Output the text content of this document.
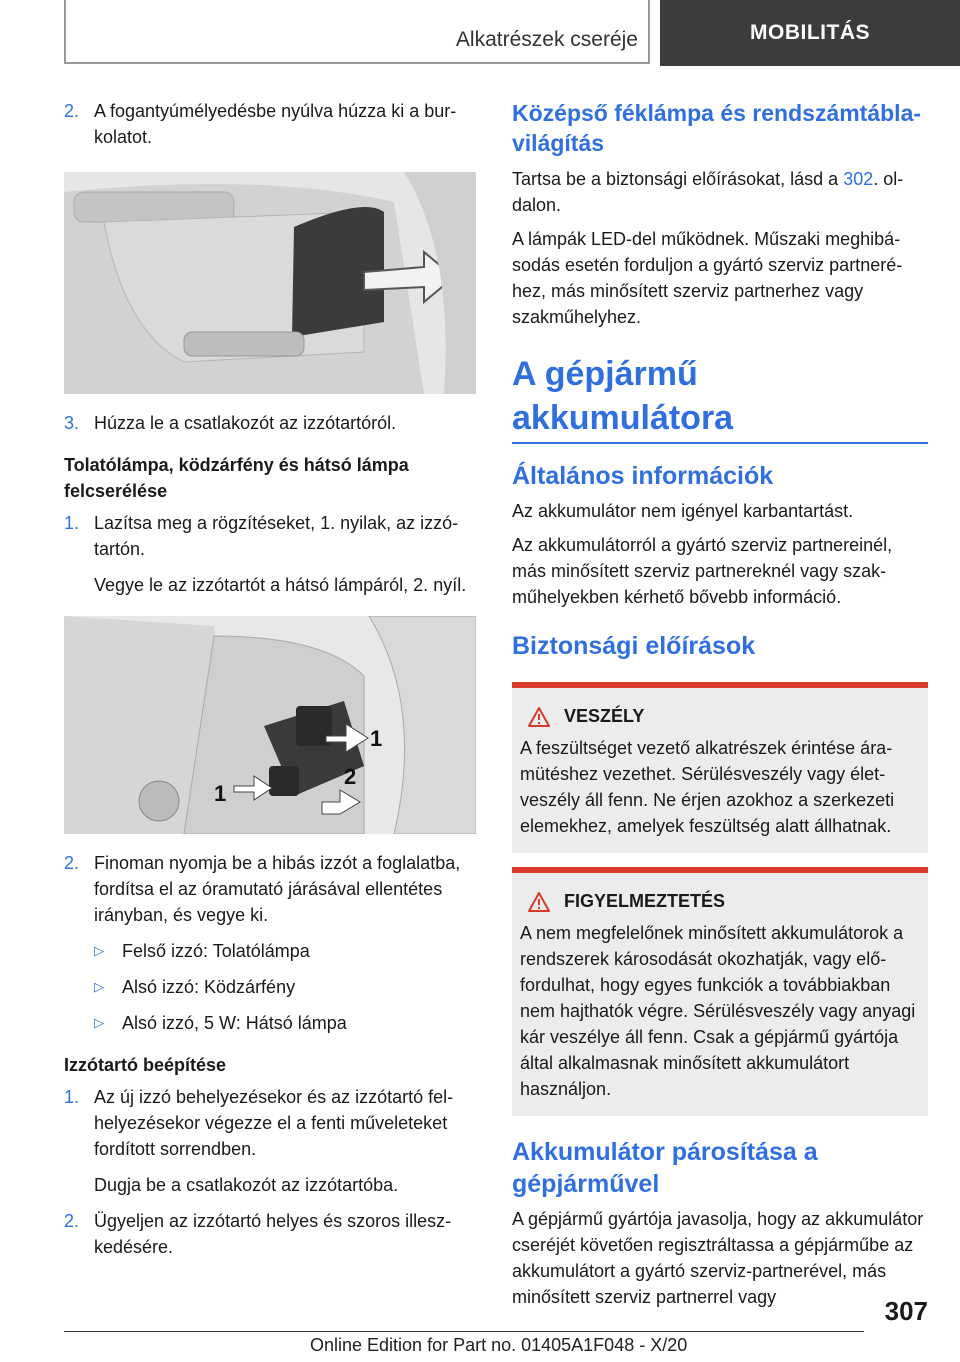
Alkatrészek cseréje	MOBILITÁS
2. A fogantyúmélyedésbe nyúlva húzza ki a burkolatot.
3. Húzza le a csatlakozót az izzótartóról.
Tolatólámpa, ködzárfény és hátsó lámpa felcserélése
1. Lazítsa meg a rögzítéseket, 1. nyilak, az izzótartón.
Vegye le az izzótartót a hátsó lámpáról, 2. nyíl.
1
1
2
2. Finoman nyomja be a hibás izzót a foglalatba, fordítsa el az óramutató járásával ellentétes irányban, és vegye ki.
▷	Felső izzó: Tolatólámpa
▷	Alsó izzó: Ködzárfény
▷	Alsó izzó, 5 W: Hátsó lámpa
Izzótartó beépítése
1. Az új izzó behelyezésekor és az izzótartó felhelyezésekor végezze el a fenti műveleteket fordított sorrendben.
Dugja be a csatlakozót az izzótartóba.
2. Ügyeljen az izzótartó helyes és szoros illeszkedésére.
Középső féklámpa és rendszámtábla-világítás

Tartsa be a biztonsági előírásokat, lásd a 302. oldalon.

A lámpák LED-del működnek. Műszaki meghibásodás esetén forduljon a gyártó szerviz partneréhez, más minősített szerviz partnerhez vagy szakműhelyhez.

A gépjármű akkumulátora
Általános információk

Az akkumulátor nem igényel karbantartást.

Az akkumulátorról a gyártó szerviz partnereinél, más minősített szerviz partnereknél vagy szakműhelyekben kérhető bővebb információ.

Biztonsági előírások
VESZÉLY

A feszültséget vezető alkatrészek érintése áramütéshez vezethet. Sérülésveszély vagy életveszély áll fenn. Ne érjen azokhoz a szerkezeti elemekhez, amelyek feszültség alatt állhatnak.

FIGYELMEZTETÉS

A nem megfelelőnek minősített akkumulátorok a rendszerek károsodását okozhatják, vagy előfordulhat, hogy egyes funkciók a továbbiakban nem hajthatók végre. Sérülésveszély vagy anyagi kár veszélye áll fenn. Csak a gépjármű gyártója által alkalmasnak minősített akkumulátort használjon.

Akkumulátor párosítása a gépjárművel

A gépjármű gyártója javasolja, hogy az akkumulátor cseréjét követően regisztráltassa a gépjárműbe az akkumulátort a gyártó szerviz-partnerével, más minősített szerviz partnerrel vagy	307
Online Edition for Part no. 01405A1F048 - X/20
